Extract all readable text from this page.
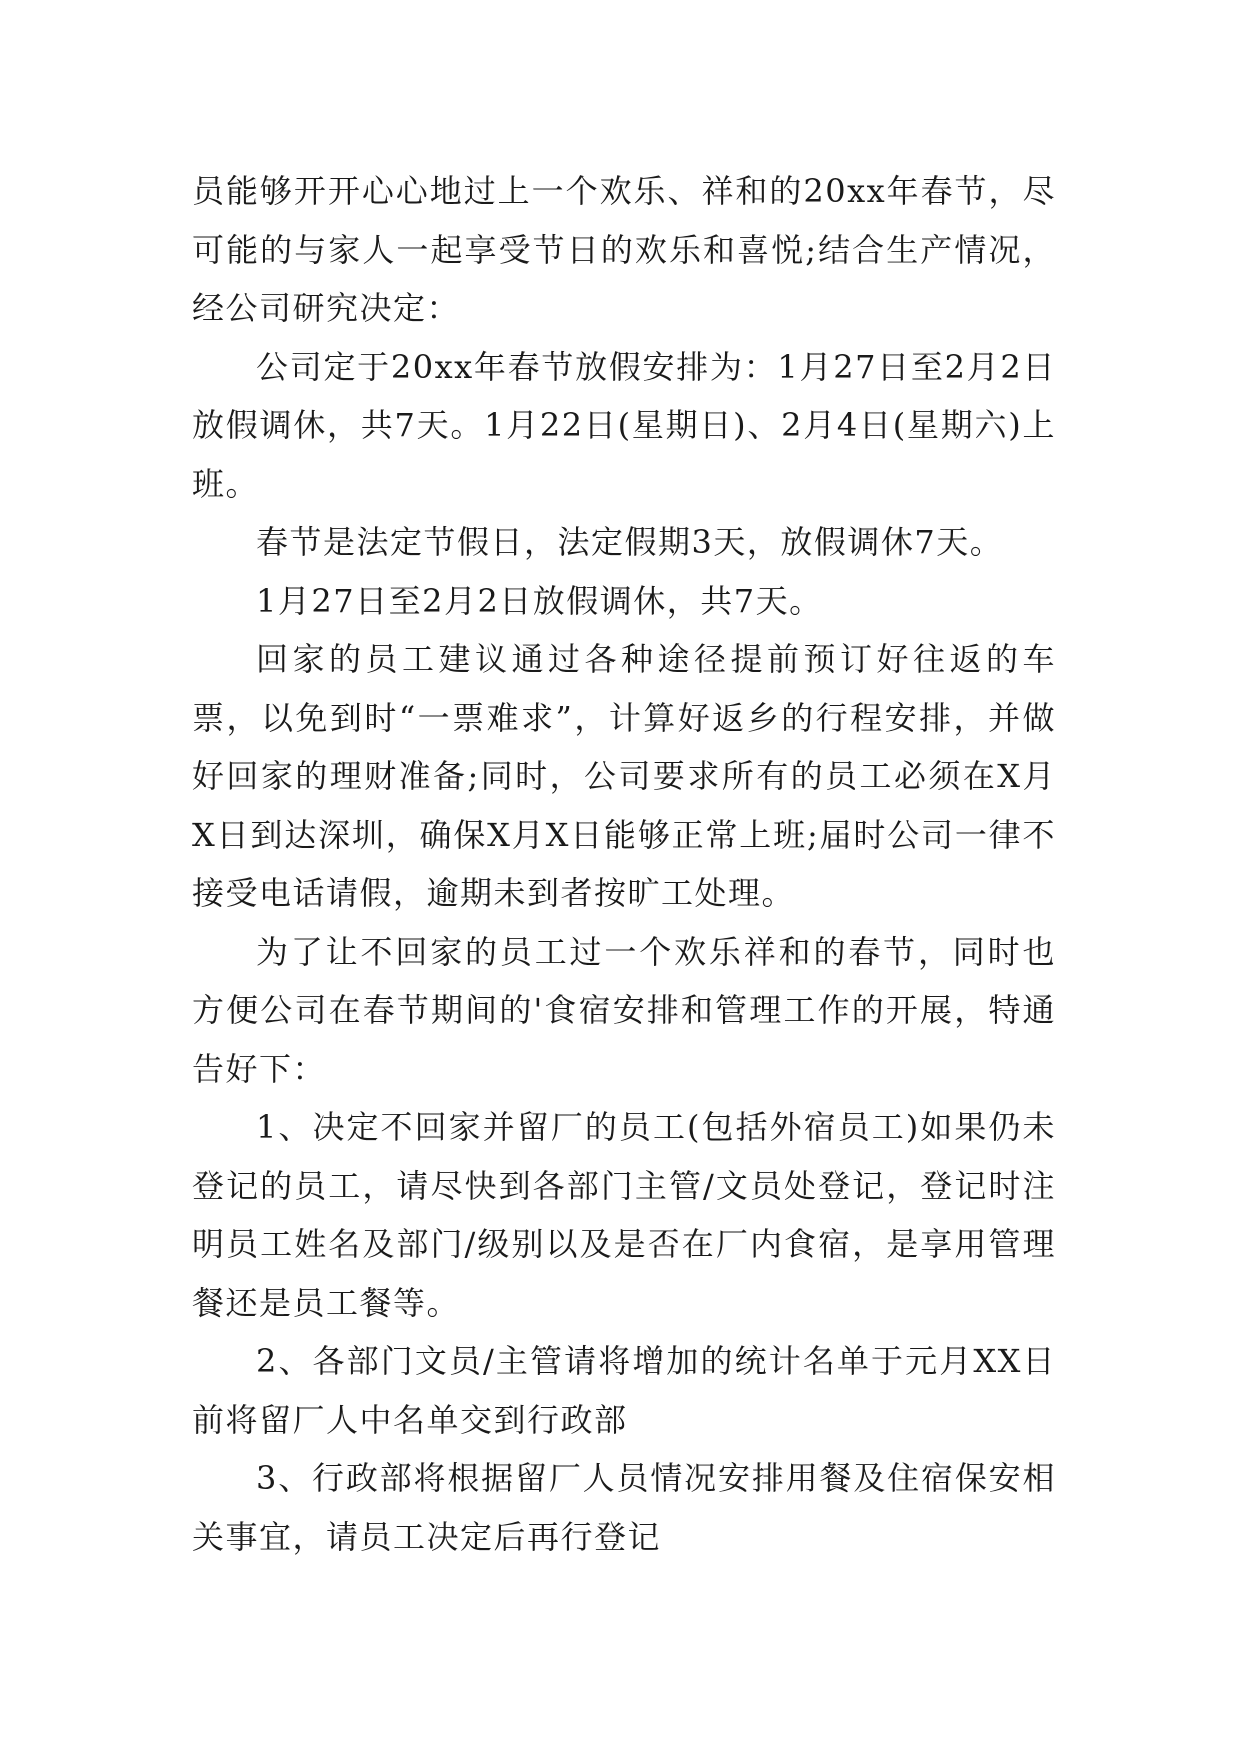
员能够开开心心地过上一个欢乐、祥和的20xx年春节，尽可能的与家人一起享受节日的欢乐和喜悦;结合生产情况，经公司研究决定：

公司定于20xx年春节放假安排为：1月27日至2月2日放假调休，共7天。1月22日(星期日)、2月4日(星期六)上班。

春节是法定节假日，法定假期3天，放假调休7天。

1月27日至2月2日放假调休，共7天。

回家的员工建议通过各种途径提前预订好往返的车票，以免到时“一票难求”，计算好返乡的行程安排，并做好回家的理财准备;同时，公司要求所有的员工必须在X月X日到达深圳，确保X月X日能够正常上班;届时公司一律不接受电话请假，逾期未到者按旷工处理。

为了让不回家的员工过一个欢乐祥和的春节，同时也方便公司在春节期间的'食宿安排和管理工作的开展，特通告好下：

1、决定不回家并留厂的员工(包括外宿员工)如果仍未登记的员工，请尽快到各部门主管/文员处登记，登记时注明员工姓名及部门/级别以及是否在厂内食宿，是享用管理餐还是员工餐等。

2、各部门文员/主管请将增加的统计名单于元月XX日前将留厂人中名单交到行政部

3、行政部将根据留厂人员情况安排用餐及住宿保安相关事宜，请员工决定后再行登记
